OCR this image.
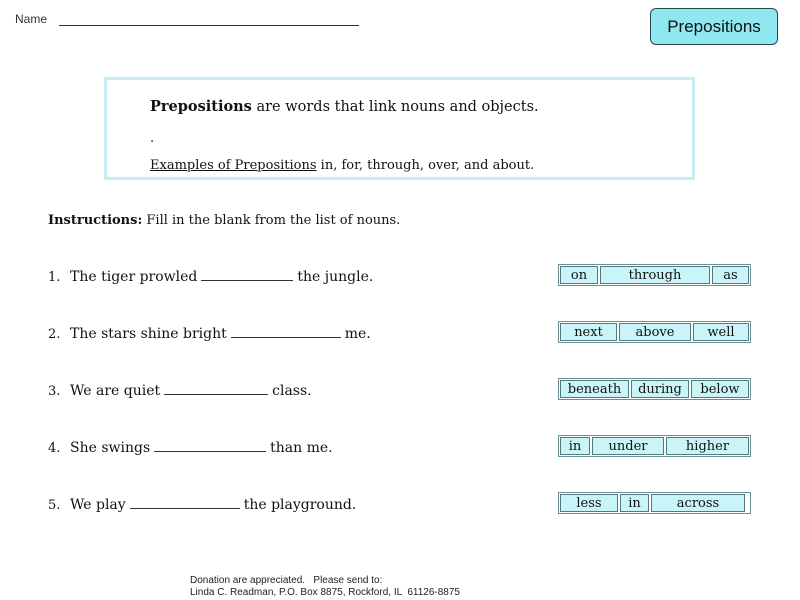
Name	Prepositions
Prepositions are words that link nouns and objects.
.
Examples of Prepositions in, for, through, over, and about.
Instructions: Fill in the blank from the list of nouns.
1. The tiger prowled	the jungle.	on	through	as
2. The stars shine bright	me.	next	above	well
3. We are quiet	class.	beneath	during	below
4. She swings	than me.	in	under	higher
5. We play	the playground.	less	in	across
Donation are appreciated.   Please send to:
Linda C. Readman, P.O. Box 8875, Rockford, IL  61126-8875
